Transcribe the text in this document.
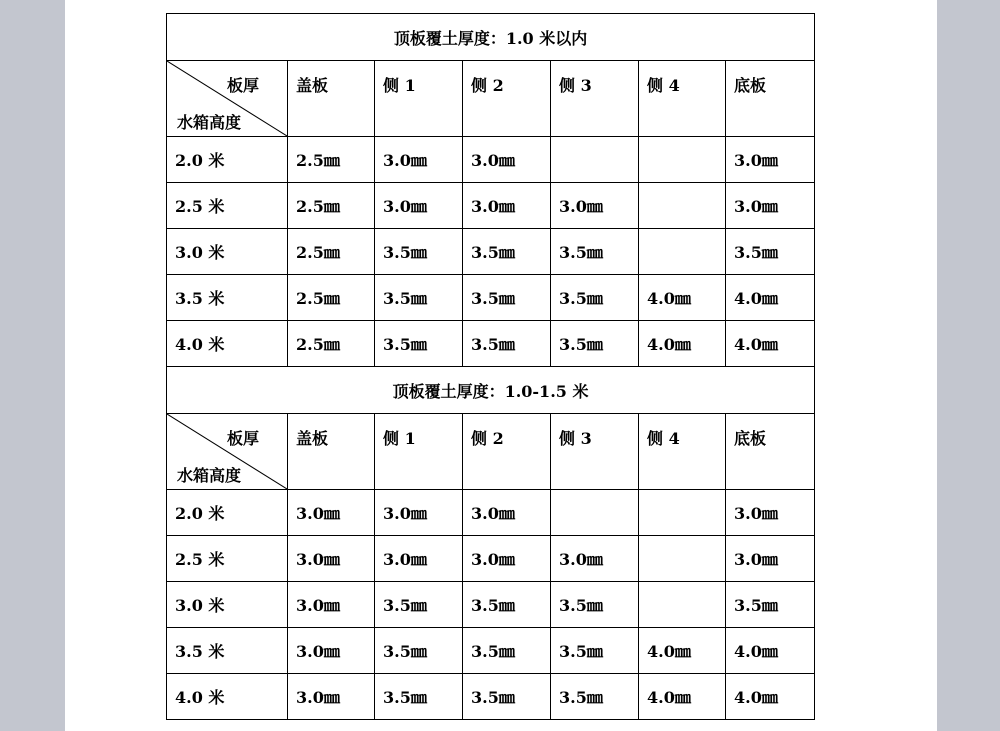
顶板覆土厚度：1.0 米以内						

板厚
水箱高度	盖板	侧 1	侧 2	侧 3	侧 4	底板
2.0 米	2.5㎜	3.0㎜	3.0㎜			3.0㎜
2.5 米	2.5㎜	3.0㎜	3.0㎜	3.0㎜		3.0㎜
3.0 米	2.5㎜	3.5㎜	3.5㎜	3.5㎜		3.5㎜
3.5 米	2.5㎜	3.5㎜	3.5㎜	3.5㎜	4.0㎜	4.0㎜
4.0 米	2.5㎜	3.5㎜	3.5㎜	3.5㎜	4.0㎜	4.0㎜
顶板覆土厚度：1.0-1.5 米						

板厚
水箱高度	盖板	侧 1	侧 2	侧 3	侧 4	底板
2.0 米	3.0㎜	3.0㎜	3.0㎜			3.0㎜
2.5 米	3.0㎜	3.0㎜	3.0㎜	3.0㎜		3.0㎜
3.0 米	3.0㎜	3.5㎜	3.5㎜	3.5㎜		3.5㎜
3.5 米	3.0㎜	3.5㎜	3.5㎜	3.5㎜	4.0㎜	4.0㎜
4.0 米	3.0㎜	3.5㎜	3.5㎜	3.5㎜	4.0㎜	4.0㎜
